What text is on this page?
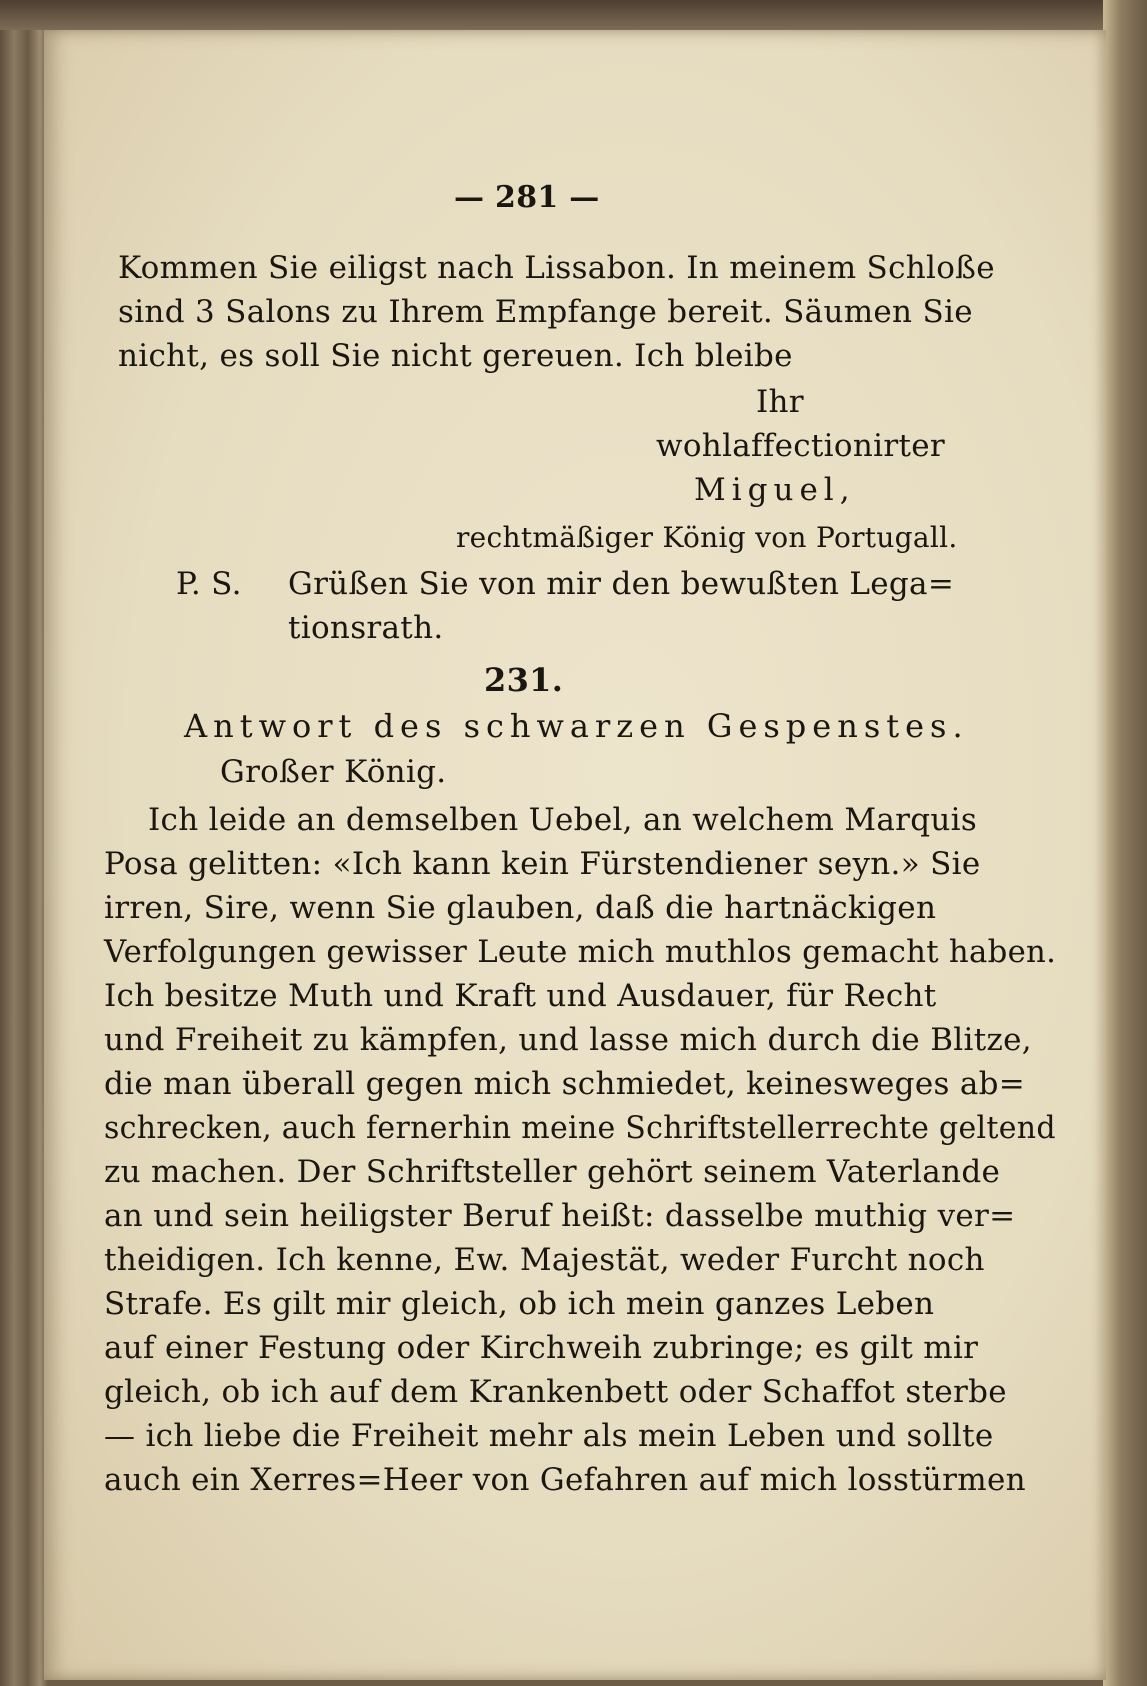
— 281 —
Kommen Sie eiligst nach Lissabon. In meinem Schloße
sind 3 Salons zu Ihrem Empfange bereit. Säumen Sie
nicht, es soll Sie nicht gereuen. Ich bleibe
Ihr
wohlaffectionirter
Miguel,
rechtmäßiger König von Portugall.
P. S. Grüßen Sie von mir den bewußten Lega=
tionsrath.
231.
Antwort des schwarzen Gespenstes.
Großer König.
Ich leide an demselben Uebel, an welchem Marquis
Posa gelitten: «Ich kann kein Fürstendiener seyn.» Sie
irren, Sire, wenn Sie glauben, daß die hartnäckigen
Verfolgungen gewisser Leute mich muthlos gemacht haben.
Ich besitze Muth und Kraft und Ausdauer, für Recht
und Freiheit zu kämpfen, und lasse mich durch die Blitze,
die man überall gegen mich schmiedet, keinesweges ab=
schrecken, auch fernerhin meine Schriftstellerrechte geltend
zu machen. Der Schriftsteller gehört seinem Vaterlande
an und sein heiligster Beruf heißt: dasselbe muthig ver=
theidigen. Ich kenne, Ew. Majestät, weder Furcht noch
Strafe. Es gilt mir gleich, ob ich mein ganzes Leben
auf einer Festung oder Kirchweih zubringe; es gilt mir
gleich, ob ich auf dem Krankenbett oder Schaffot sterbe
— ich liebe die Freiheit mehr als mein Leben und sollte
auch ein Xerres=Heer von Gefahren auf mich losstürmen
